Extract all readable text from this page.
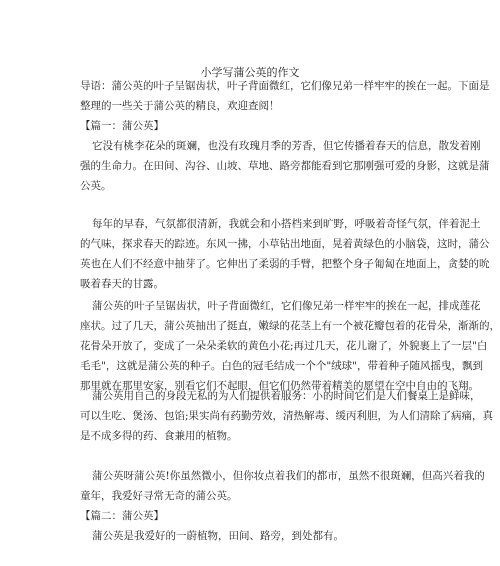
小学写蒲公英的作文
导语：蒲公英的叶子呈锯齿状，叶子背面微红，它们像兄弟一样牢牢的挨在一起。下面是
整理的一些关于蒲公英的精良，欢迎查阅！
【篇一：蒲公英】
它没有桃李花朵的斑斓，也没有玫瑰月季的芳香，但它传播着春天的信息，散发着刚
强的生命力。在田间、沟谷、山坡、草地、路旁都能看到它那刚强可爱的身影，这就是蒲
公英。
每年的早春，气氛都很清新，我就会和小搭档来到旷野，呼吸着奇怪气氛，伴着泥土
的气味，探求春天的踪迹。东风一拂，小草钻出地面，晃着黄绿色的小脑袋，这时，蒲公
英也在人们不经意中抽芽了。它伸出了柔弱的手臂，把整个身子匍匐在地面上，贪婪的吮
吸着春天的甘露。
蒲公英的叶子呈锯齿状，叶子背面微红，它们像兄弟一样牢牢的挨在一起，排成莲花
座状。过了几天，蒲公英抽出了挺直，嫩绿的花茎上有一个被花瓣包着的花骨朵，渐渐的，
花骨朵开放了，变成了一朵朵柔软的黄色小花;再过几天，花儿谢了，外貌裹上了一层"白
毛毛"，这就是蒲公英的种子。白色的冠毛结成一个个"绒球"，带着种子随风摇曳，飘到
那里就在那里安家，别看它们不起眼，但它们仍然带着精美的愿望在空中自由的飞翔。
蒲公英用自己的身段无私的为人们提供着服务：小的时间它们是人们餐桌上是鲜味，
可以生吃、煲汤、包馅;果实尚有药勤劳效，清热解毒、缓丙利胆，为人们清除了病痛，真
是不成多得的药、食兼用的植物。
蒲公英呀蒲公英!你虽然微小，但你妆点着我们的都市，虽然不很斑斓，但高兴着我的
童年，我爱好寻常无奇的蒲公英。
【篇二：蒲公英】
蒲公英是我爱好的一蔚植物，田间、路旁，到处都有。
